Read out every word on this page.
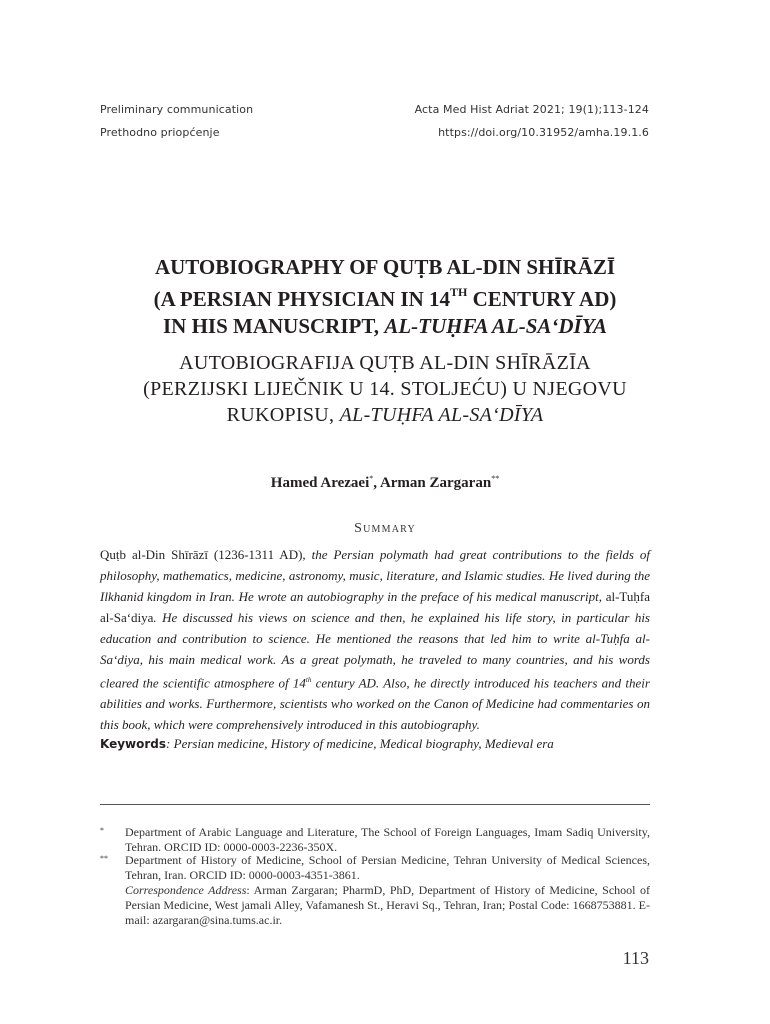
Preliminary communication	Acta Med Hist Adriat 2021; 19(1);113-124
Prethodno priopćenje	https://doi.org/10.31952/amha.19.1.6
AUTOBIOGRAPHY OF QUṬB AL-DIN SHĪRĀZĪ
(A PERSIAN PHYSICIAN IN 14TH CENTURY AD)
IN HIS MANUSCRIPT, AL-TUḤFA AL-SAʻDĪYA
AUTOBIOGRAFIJA QUṬB AL-DIN SHĪRĀZĪA
(PERZIJSKI LIJEČNIK U 14. STOLJEĆU) U NJEGOVU
RUKOPISU, AL-TUḤFA AL-SAʻDĪYA
Hamed Arezaei*, Arman Zargaran**
Summary
Quṭb al-Din Shīrāzī (1236-1311 AD), the Persian polymath had great contributions to the fields of philosophy, mathematics, medicine, astronomy, music, literature, and Islamic studies. He lived during the Ilkhanid kingdom in Iran. He wrote an autobiography in the preface of his medical manuscript, al-Tuḥfa al-Saʻdiya. He discussed his views on science and then, he explained his life story, in particular his education and contribution to science. He mentioned the reasons that led him to write al-Tuḥfa al-Saʻdiya, his main medical work. As a great polymath, he traveled to many countries, and his words cleared the scientific atmosphere of 14th century AD. Also, he directly introduced his teachers and their abilities and works. Furthermore, scientists who worked on the Canon of Medicine had commentaries on this book, which were comprehensively introduced in this autobiography.
Keywords: Persian medicine, History of medicine, Medical biography, Medieval era
* Department of Arabic Language and Literature, The School of Foreign Languages, Imam Sadiq University, Tehran. ORCID ID: 0000-0003-2236-350X.
** Department of History of Medicine, School of Persian Medicine, Tehran University of Medical Sciences, Tehran, Iran. ORCID ID: 0000-0003-4351-3861.
Correspondence Address: Arman Zargaran; PharmD, PhD, Department of History of Medicine, School of Persian Medicine, West jamali Alley, Vafamanesh St., Heravi Sq., Tehran, Iran; Postal Code: 1668753881. E-mail: azargaran@sina.tums.ac.ir.
113
